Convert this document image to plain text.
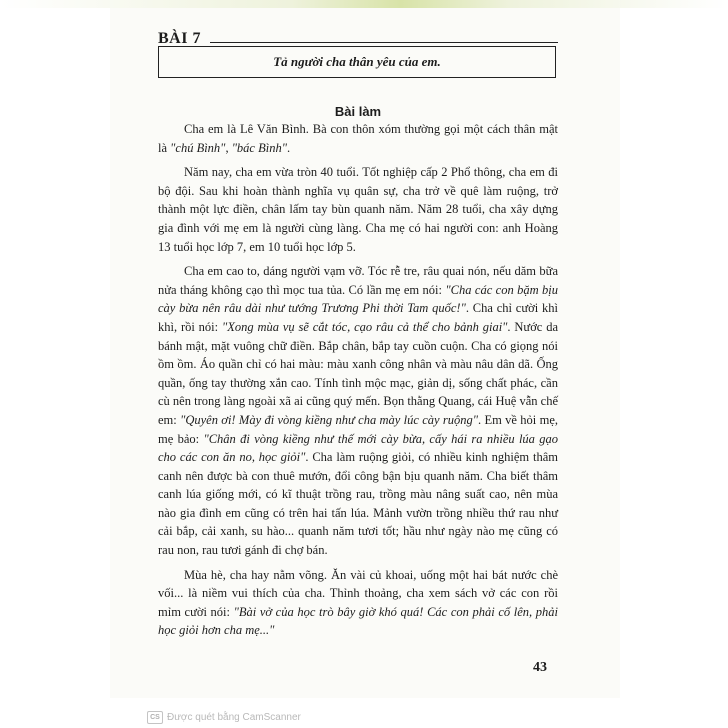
BÀI 7
Tả người cha thân yêu của em.
Bài làm

Cha em là Lê Văn Bình. Bà con thôn xóm thường gọi một cách thân mật là "chú Bình", "bác Bình".

Năm nay, cha em vừa tròn 40 tuổi. Tốt nghiệp cấp 2 Phổ thông, cha em đi bộ đội. Sau khi hoàn thành nghĩa vụ quân sự, cha trở về quê làm ruộng, trở thành một lực điền, chân lấm tay bùn quanh năm. Năm 28 tuổi, cha xây dựng gia đình với mẹ em là người cùng làng. Cha mẹ có hai người con: anh Hoàng 13 tuổi học lớp 7, em 10 tuổi học lớp 5.

Cha em cao to, dáng người vạm vỡ. Tóc rễ tre, râu quai nón, nếu dăm bữa nửa tháng không cạo thì mọc tua tủa. Có lần mẹ em nói: "Cha các con bặm bịu cày bừa nên râu dài như tướng Trương Phi thời Tam quốc!". Cha chỉ cười khì khì, rồi nói: "Xong mùa vụ sẽ cắt tóc, cạo râu cả thể cho bảnh giai". Nước da bánh mật, mặt vuông chữ điền. Bắp chân, bắp tay cuồn cuộn. Cha có giọng nói ồm ồm. Áo quần chỉ có hai màu: màu xanh công nhân và màu nâu dân dã. Ống quần, ống tay thường xắn cao. Tính tình mộc mạc, giản dị, sống chất phác, cần cù nên trong làng ngoài xã ai cũng quý mến. Bọn thằng Quang, cái Huệ vẫn chế em: "Quyên ơi! Mày đi vòng kiềng như cha mày lúc cày ruộng". Em về hỏi mẹ, mẹ bảo: "Chân đi vòng kiềng như thế mới cày bừa, cấy hái ra nhiều lúa gạo cho các con ăn no, học giỏi". Cha làm ruộng giỏi, có nhiều kinh nghiệm thâm canh nên được bà con thuê mướn, đổi công bận bịu quanh năm. Cha biết thâm canh lúa giống mới, có kĩ thuật trồng rau, trồng màu nâng suất cao, nên mùa nào gia đình em cũng có trên hai tấn lúa. Mảnh vườn trồng nhiều thứ rau như cải bắp, cải xanh, su hào... quanh năm tươi tốt; hầu như ngày nào mẹ cũng có rau non, rau tươi gánh đi chợ bán.

Mùa hè, cha hay nằm võng. Ăn vài củ khoai, uống một hai bát nước chè vối... là niềm vui thích của cha. Thỉnh thoảng, cha xem sách vở các con rồi mỉm cười nói: "Bài vở của học trò bây giờ khó quá! Các con phải cố lên, phải học giỏi hơn cha mẹ..."

43
CS Được quét bằng CamScanner
